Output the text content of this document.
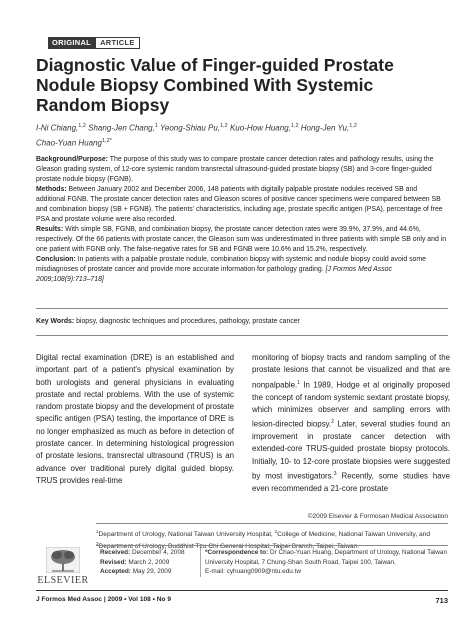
ORIGINAL	ARTICLE
Diagnostic Value of Finger-guided Prostate
Nodule Biopsy Combined With Systemic
Random Biopsy
I-Ni Chiang,$^{1,2}$ Shang-Jen Chang,$^1$ Yeong-Shiau Pu,$^{1,2}$ Kuo-How Huang,$^{1,2}$ Hong-Jen Yu,$^{1,2}$
Chao-Yuan Huang$^{1,2*}$

Background/Purpose: The purpose of this study was to compare prostate cancer detection rates and pathology results, using the Gleason grading system, of 12-core systemic random transrectal ultrasound-guided prostate biopsy (SB) and 3-core finger-guided prostate nodule biopsy (FGNB).

Methods: Between January 2002 and December 2006, 148 patients with digitally palpable prostate nodules received SB and additional FGNB. The prostate cancer detection rates and Gleason scores of positive cancer specimens were compared between SB and combination biopsy (SB + FGNB). The patients' characteristics, including age, prostate specific antigen (PSA), percentage of free PSA and prostate volume were also recorded.

Results: With simple SB, FGNB, and combination biopsy, the prostate cancer detection rates were 39.9%, 37.9%, and 44.6%, respectively. Of the 66 patients with prostate cancer, the Gleason sum was underestimated in three patients with simple SB only and in one patient with FGNB only. The false-negative rates for SB and FGNB were 10.6% and 15.2%, respectively.

Conclusion: In patients with a palpable prostate nodule, combination biopsy with systemic and nodule biopsy could avoid some misdiagnoses of prostate cancer and provide more accurate information for pathology grading. [J Formos Med Assoc 2009;108(9):713–718]

Key Words: biopsy, diagnostic techniques and procedures, pathology, prostate cancer
Digital rectal examination (DRE) is an established and important part of a patient's physical examination by both urologists and general physicians in evaluating prostate and rectal problems. With the use of systemic random prostate biopsy and the development of prostate specific antigen (PSA) testing, the importance of DRE is no longer emphasized as much as before in detection of prostate cancer. In determining histological progression of prostate lesions, transrectal ultrasound (TRUS) is an advance over traditional purely digital guided biopsy. TRUS provides real-time
monitoring of biopsy tracts and random sampling of the prostate lesions that cannot be visualized and that are nonpalpable.$^1$ In 1989, Hodge et al originally proposed the concept of random systemic sextant prostate biopsy, which minimizes observer and sampling errors with lesion-directed biopsy.$^2$ Later, several studies found an improvement in prostate cancer detection with extended-core TRUS-guided prostate biopsy protocols. Initially, 10- to 12-core prostate biopsies were suggested by most investigators.$^3$ Recently, some studies have even recommended a 21-core prostate
©2009 Elsevier & Formosan Medical Association
$^1$Department of Urology, National Taiwan University Hospital, $^2$College of Medicine, National Taiwan University, and $^3$Department of Urology, Buddhist Tzu Chi General Hospital, Taipei Branch, Taipei, Taiwan.
ELSEVIER
Received: December 4, 2008
Revised: March 2, 2009
Accepted: May 29, 2009
*Correspondence to: Dr Chao-Yuan Huang, Department of Urology, National Taiwan University Hospital, 7 Chung-Shan South Road, Taipei 100, Taiwan.
E-mail: cyhuang0909@ntu.edu.tw
J Formos Med Assoc | 2009 • Vol 108 • No 9	713
